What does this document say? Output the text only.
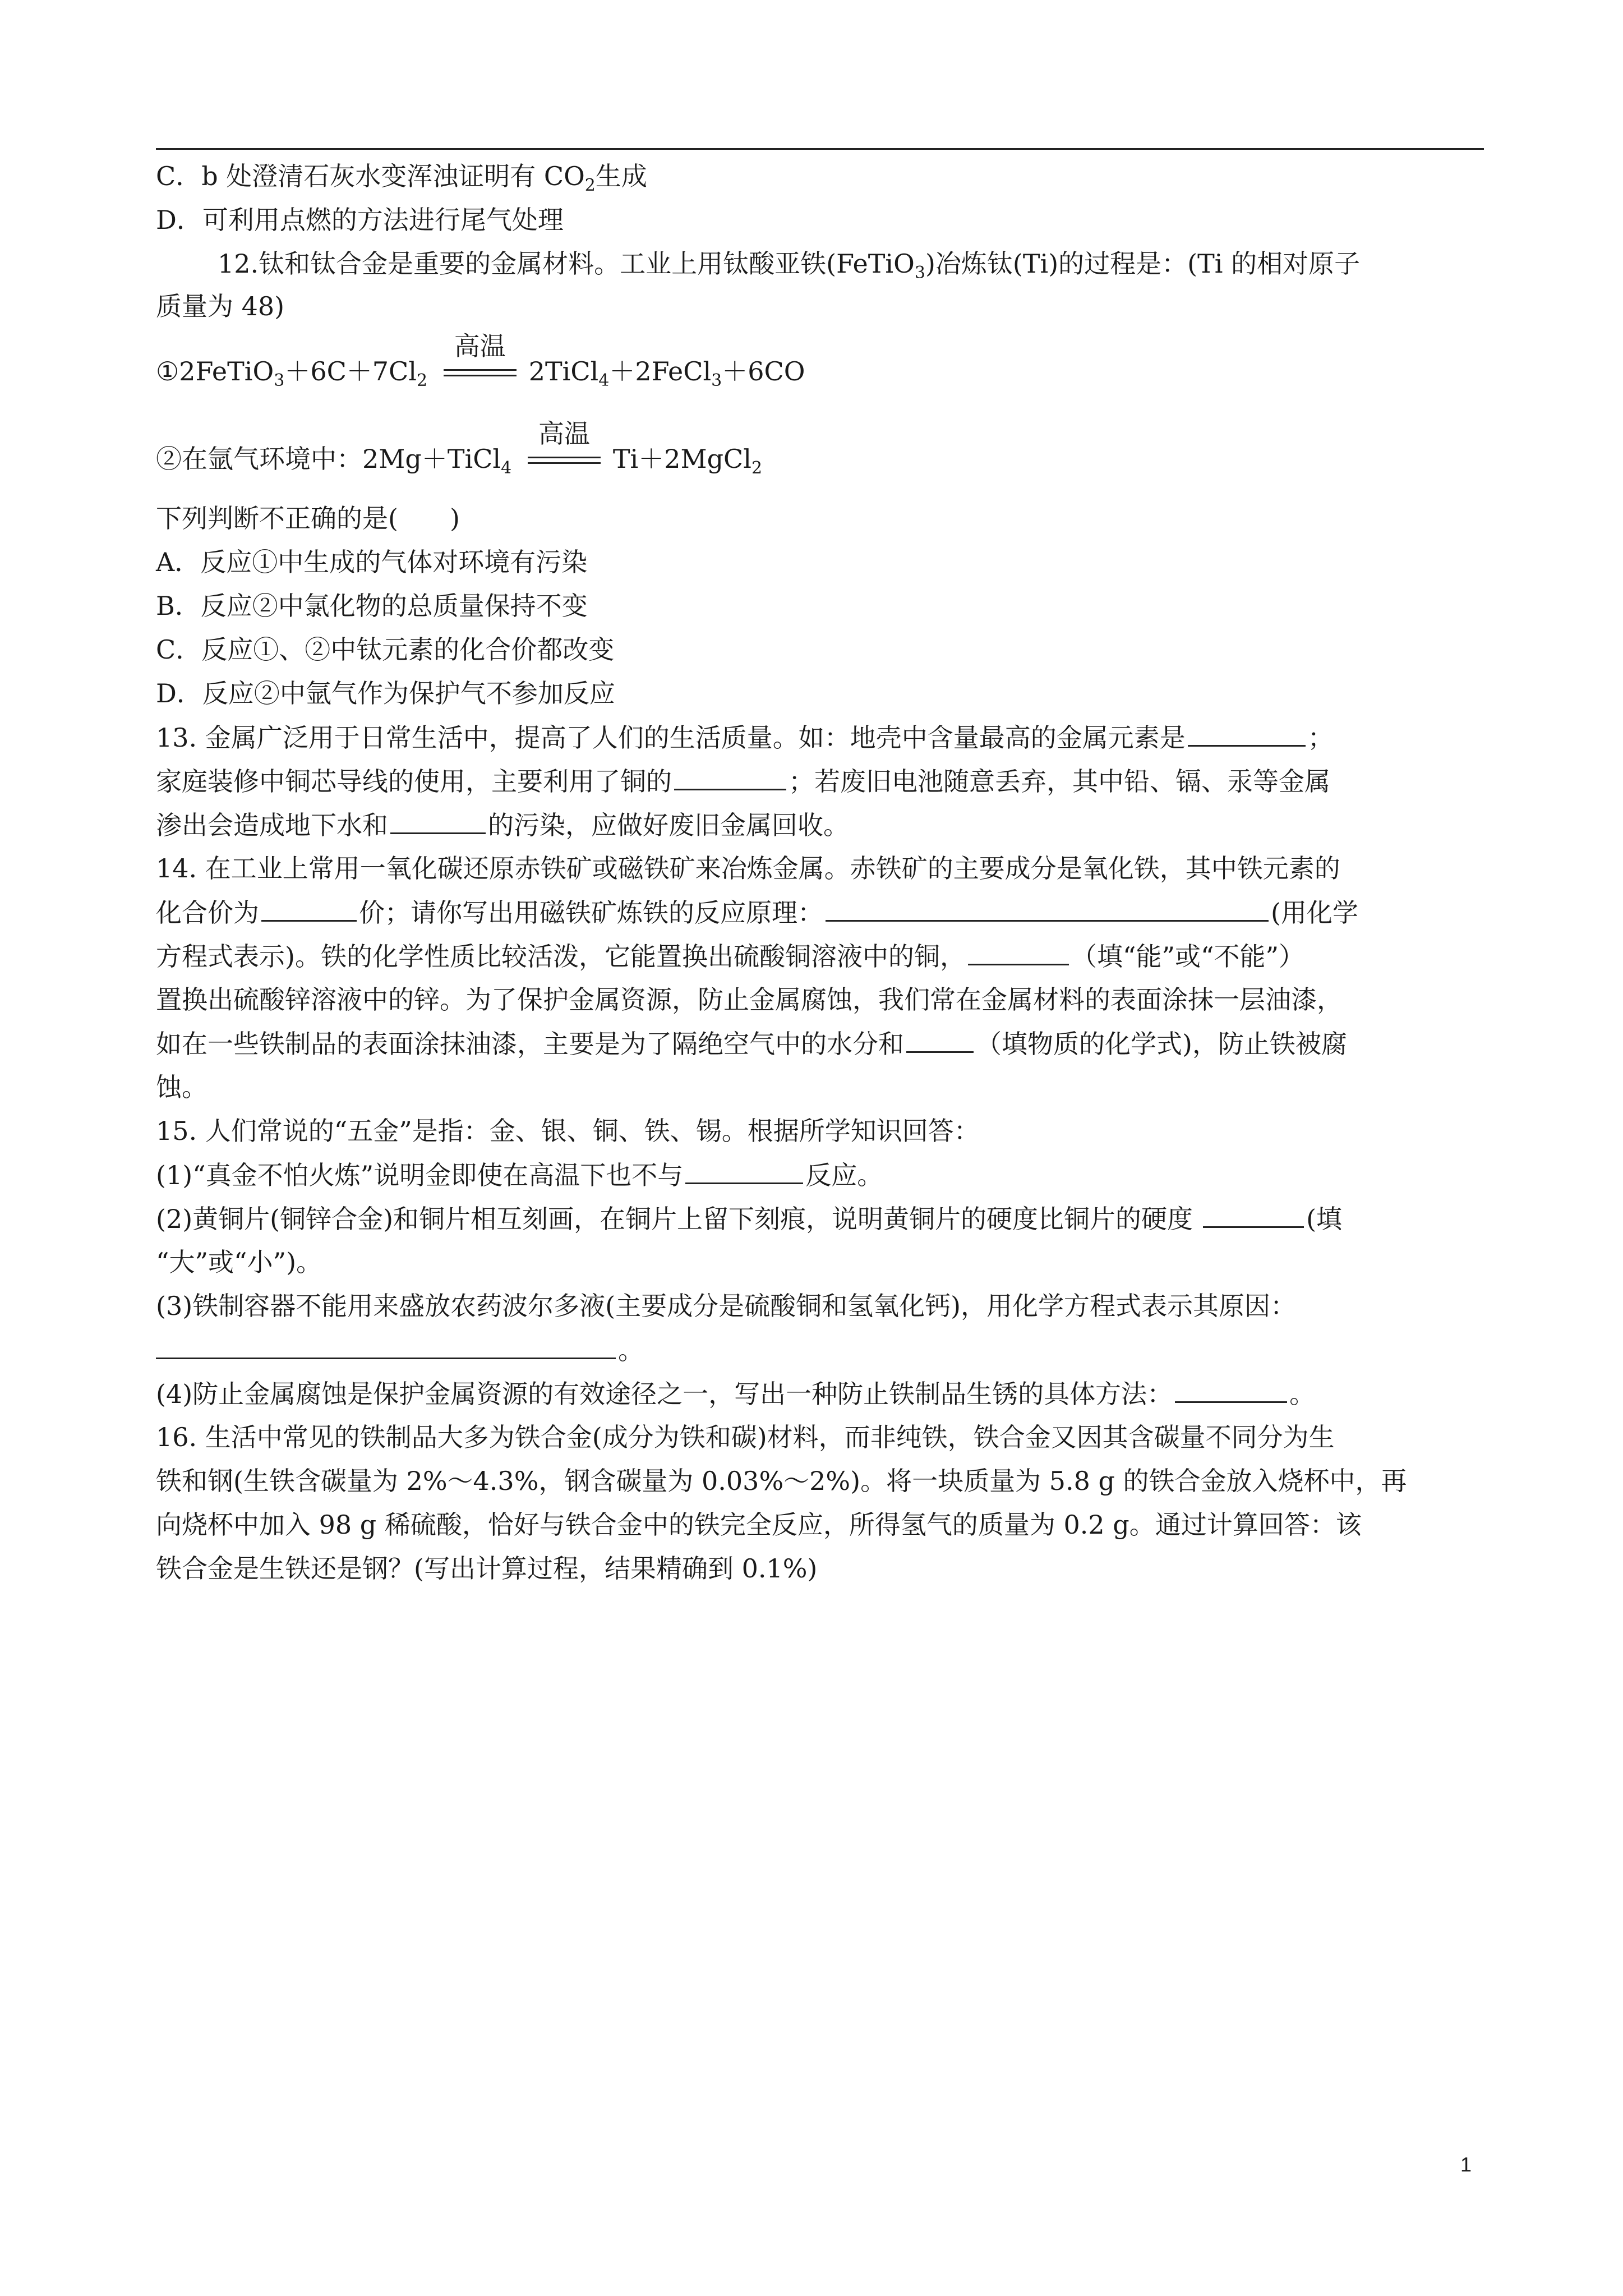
C．b 处澄清石灰水变浑浊证明有 $CO_2$生成
D．可利用点燃的方法进行尾气处理
12.钛和钛合金是重要的金属材料。工业上用钛酸亚铁(FeTiO$_3$)冶炼钛(Ti)的过程是：(Ti 的相对原子
质量为 48)
$①2FeTiO_3+6C+7Cl_2$
高温
2TiCl$_4$＋2FeCl$_3$＋6CO
②在氩气环境中：2Mg＋TiCl$_4$
高温
Ti＋2MgCl$_2$
下列判断不正确的是(　　)
A．反应①中生成的气体对环境有污染
B．反应②中氯化物的总质量保持不变
C．反应①、②中钛元素的化合价都改变
D．反应②中氩气作为保护气不参加反应
13. 金属广泛用于日常生活中，提高了人们的生活质量。如：地壳中含量最高的金属元素是	；
家庭装修中铜芯导线的使用，主要利用了铜的	；若废旧电池随意丢弃，其中铅、镉、汞等金属
渗出会造成地下水和	的污染，应做好废旧金属回收。
14. 在工业上常用一氧化碳还原赤铁矿或磁铁矿来冶炼金属。赤铁矿的主要成分是氧化铁，其中铁元素的
化合价为	价；请你写出用磁铁矿炼铁的反应原理：	(用化学
方程式表示)。铁的化学性质比较活泼，它能置换出硫酸铜溶液中的铜，	（填“能”或“不能”）
置换出硫酸锌溶液中的锌。为了保护金属资源，防止金属腐蚀，我们常在金属材料的表面涂抹一层油漆，
如在一些铁制品的表面涂抹油漆，主要是为了隔绝空气中的水分和	（填物质的化学式)，防止铁被腐
蚀。
15. 人们常说的“五金”是指：金、银、铜、铁、锡。根据所学知识回答：
(1)“真金不怕火炼”说明金即使在高温下也不与	反应。
(2)黄铜片(铜锌合金)和铜片相互刻画，在铜片上留下刻痕，说明黄铜片的硬度比铜片的硬度	(填
“大”或“小”)。
(3)铁制容器不能用来盛放农药波尔多液(主要成分是硫酸铜和氢氧化钙)，用化学方程式表示其原因：
。
(4)防止金属腐蚀是保护金属资源的有效途径之一，写出一种防止铁制品生锈的具体方法：	。
16. 生活中常见的铁制品大多为铁合金(成分为铁和碳)材料，而非纯铁，铁合金又因其含碳量不同分为生
铁和钢(生铁含碳量为 2%～4.3%，钢含碳量为 0.03%～2%)。将一块质量为 5.8 g 的铁合金放入烧杯中，再
向烧杯中加入 98 g 稀硫酸，恰好与铁合金中的铁完全反应，所得氢气的质量为 0.2 g。通过计算回答：该
铁合金是生铁还是钢？(写出计算过程，结果精确到 0.1%)
1
